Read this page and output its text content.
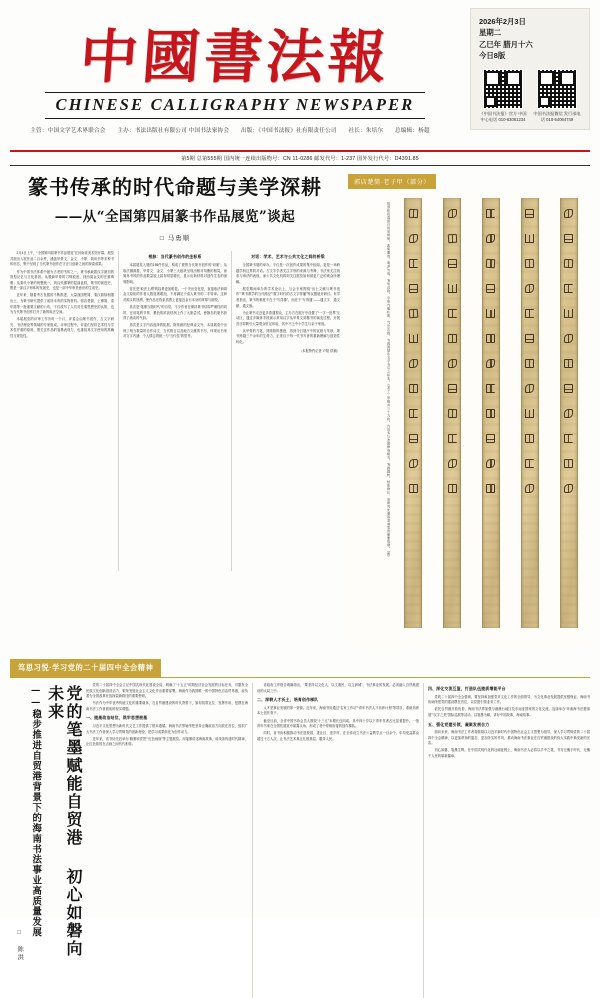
中國書法報
CHINESE CALLIGRAPHY NEWSPAPER
主管：中国文学艺术界联合会 主办：书法出版社有限公司 中国书法家协会 出版：《中国书法报》社有限责任公司 社长：朱培尔 总编辑：杨超
2026年2月3日
星期二
乙巳年 腊月十六
今日8版
《中国书法报》官方 中国中心电话 010-63061234
中国书法报微信 发行部电话 010-64064749
第5期 总第555期 国内统一连续出版物号：CN 11-0286 邮发代号：1-237 国外发行代号：D4391.85
篆书传承的时代命题与美学深耕
——从“全国第四届篆书作品展览”谈起
□ 马勇顺

2月4日上午，“全国第四届篆书作品展览”在河南省美术馆开幕。展览共展出入展作品二百余件，涵盖甲骨文、金文、小篆、简帛书等多种书体形态，集中呈现了当代篆书创作在守正与创新之间的探索成果。

作为中国书法体系中最为古老的书体之一，篆书承载着汉字最初的造型记忆与文化基因。从殷商甲骨的刀刻痕迹，到西周金文的庄重典雅；从秦代小篆的规整统一，到汉代缪篆的屈曲盘绕，篆书的演进史，既是一部汉字形体的发展史，也是一部中华审美意识的生成史。

近年来，随着考古发掘的不断推进，大量战国楚简、秦汉简牍相继出土，为篆书研究提供了前所未有的实物材料。郭店楚简、上博简、清华简等一批重要文献的公布，不仅改写了人们对先秦思想史的认知，也为当代篆书创作打开了新的取法空间。

本届展览的评审工作历时一个月，评委会由篆书创作、古文字研究、书法理论等领域的专家组成。评审过程中，评委们坚持艺术性与学术性并重的原则，既关注作品的笔墨表现力，也重视其文字使用的准确性与规范性。

根脉：当代篆书创作的坐标系

本届展览入展的195件作品，构成了观察当代篆书创作的“切面”。从取法渊源看，甲骨文、金文、小篆三大板块呈现出相对均衡的格局，而简帛书风的作品数量较上届有明显增长，显示出新材料对创作生态的深刻影响。

首先是“取法上溯”的趋势更加明显。一个突出变化是，直接取法商周金文原拓的作者人数显著增加，不再满足于清人篆书的二手转译。这种对源头的回溯，使作品在线条质感上更接近金石本身的浑厚与斑驳。

其次是“笔墨当随时代”的自觉。不少作者在保持篆书结构严谨性的同时，在用笔的节奏、墨色的浓淡枯润上作了大胆尝试，使静态的篆书获得了流动的气韵。

再次是文字内容选择的拓展。除传统的经典诗文外，本届展览中出现了相当数量的自作诗文、当代格言以及地方文献的书写，体现出书家对文字内涵、个人情志的统一与“当代性”的思考。

对话：学术、艺术与公共文化之间的桥梁

全国篆书展的举办，不仅是一次创作成果的集中检阅，更是一场跨越学科边界的对话。古文字学者关注字形的来源与考释，书法家关注线条与章法的表现，而公共文化机构则关注展览如何被更广泛的观众所理解。

展览期间举办的学术论坛上，与会专家围绕“出土文献与篆书创作”“篆书教学的当代路径”“数字时代的古文字传播”等议题展开研讨。有学者指出，篆书的难度不在于“写得像”，而在于“写得通”——通文字、通文献、通文脉。

为让篆书走近更多普通观众，主办方在展厅中设置了“一字一世界”互动区，通过多媒体手段演示常用汉字从甲骨文到楷书的演变过程。开展首日即吸引大量观众驻足体验，其中不乏中小学生与亲子家庭。

从甲骨的刀笔，到简牍的墨迹，再到今日展厅中的宣纸与朱砂，篆书跨越三千余年的生命力，正来自于每一代书写者的重新理解与创造性转化。

（本报特约记者 卢阳 供稿）
郭店楚简·老子甲（部分）
局部和段落留白皆见规矩。此简墨迹，明净匀敛，笔势沉稳，字形内蕴朴素，气息古拙，为战国楚系文字书写之标本。《老子》甲组共三十九枚，内容多与治国修身相关，笔画圆转，结体修长，是研究先秦篆隶递变的重要依据。（图）
笃思习悦·学习党的二十届四中全会精神
党的笔墨赋能自贸港 初心如磐向未来
——稳步推进自贸港背景下的海南书法事业高质量发展
□ 陈洪

党的二十届四中全会立足中国式现代化建设全局，明确了“十五五”时期经济社会发展的目标任务，对激发全民族文化创新创造活力、繁荣发展社会主义文化作出重要部署。海南作为我国唯一的中国特色自由贸易港，肩负着为全国改革开放探索新路径的重要使命。

书法作为中华优秀传统文化的重要载体，在自贸港建设的时代背景下，如何找准定位、发挥作用，是摆在海南书法工作者面前的现实课题。

一、提高政治站位，筑牢思想根基

习近平文化思想为新时代文艺工作提供了根本遵循。海南书法界始终把坚持正确政治方向放在首位，组织广大书法工作者深入学习贯彻党的创新理论，把学习成果转化为创作动力。

近年来，省书协先后举办“翰墨颂党恩”“红色琼崖”等主题展览，用笔墨讲述海南故事，用线条传递时代精神，让红色基因在点画之间代代相传。

省政府工作报告明确指出，“要坚持以文化人、以文惠民、以文润城”。书法事业的发展，必须融入自贸港建设的大局之中。

二、深耕人才沃土，培育创作梯队

人才是事业发展的第一资源。近年来，海南书协通过“名家工作坊”“青年书法人才培养计划”等项目，系统培养本土创作骨干。

截至目前，全省中国书协会员人数较“十三五”末增长近四成，其中四十岁以下青年作者占比显著提升。一批青年书家在全国性展览中崭露头角，形成了老中青相衔接的创作梯队。

同时，省书协积极推动书法进校园、进社区、进乡村，在全省设立书法公益教学点一百余个，年均受益群众超过十万人次，让书法艺术真正扎根基层、服务人民。

四、深化交流互鉴，打造队伍提质增能平台

党的二十届四中全会强调，要坚持和加强党对文化工作的全面领导，为文化事业发展提供坚强保证。海南书协始终把党的建设摆在首位，以党建引领业务工作。

依托自贸港开放优势，海南书法界加强与港澳台地区及东南亚国家的文化交流。连续举办“环南海书法邀请展”“汉字之美”国际巡展等活动，以笔墨为媒，讲好中国故事、海南故事。

五、强化党建引领，凝聚发展合力

面向未来，海南书法工作者将继续以习近平新时代中国特色社会主义思想为指导，深入学习贯彻党的二十届四中全会精神，以更加昂扬的姿态、更加务实的作风，推动海南书法事业在自贸港建设的伟大实践中焕发新的光彩。

初心如磐，笔墨生辉。在中国式现代化的壮阔征程上，海南书法人必将以手中之笔，书写无愧于时代、无愧于人民的崭新篇章。
